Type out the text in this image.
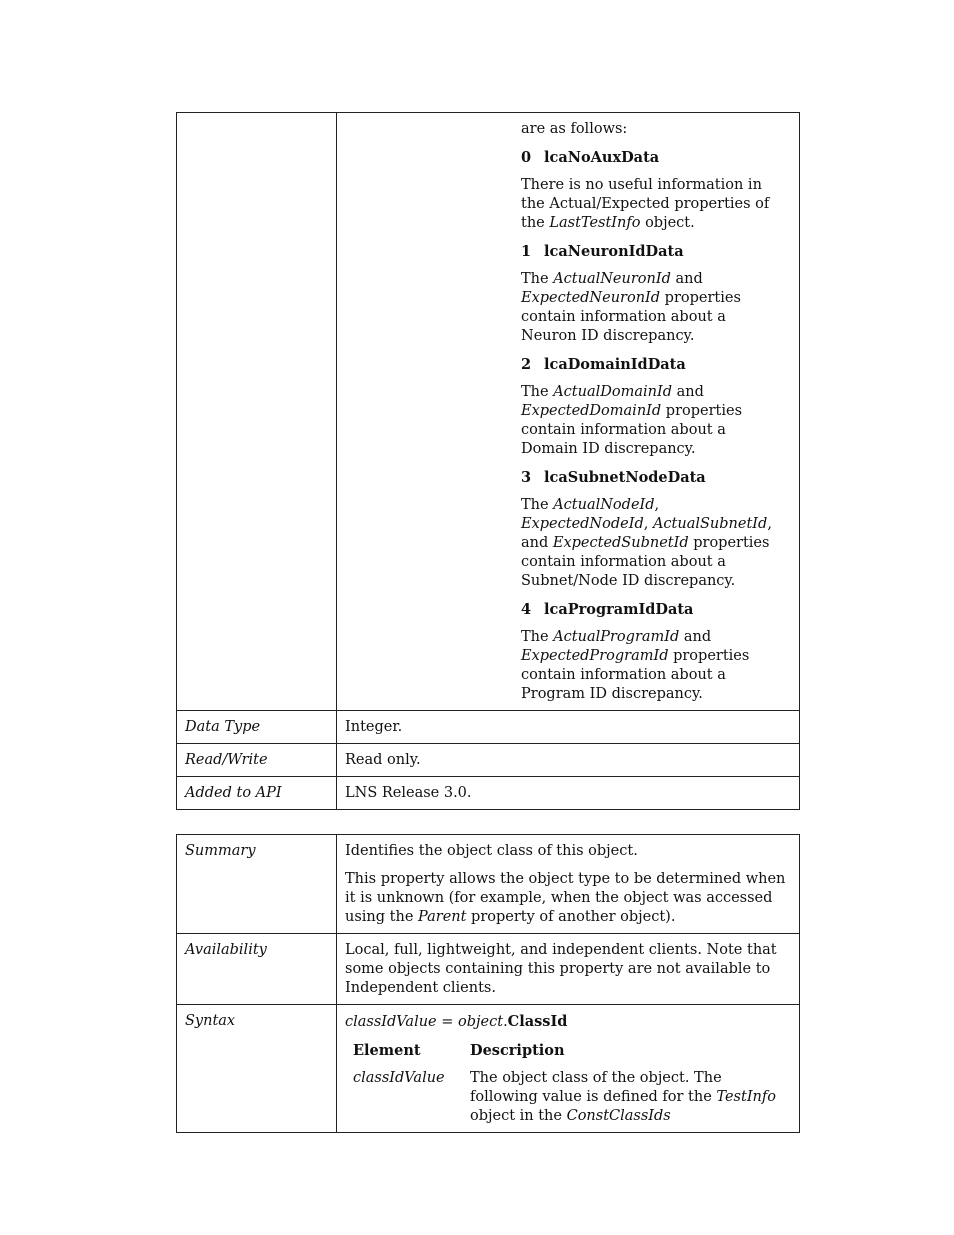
are as follows:

0 lcaNoAuxData

There is no useful information in the Actual/Expected properties of the LastTestInfo object.

1 lcaNeuronIdData

The ActualNeuronId and ExpectedNeuronId properties contain information about a Neuron ID discrepancy.

2 lcaDomainIdData

The ActualDomainId and ExpectedDomainId properties contain information about a Domain ID discrepancy.

3 lcaSubnetNodeData

The ActualNodeId, ExpectedNodeId, ActualSubnetId, and ExpectedSubnetId properties contain information about a Subnet/Node ID discrepancy.

4 lcaProgramIdData

The ActualProgramId and ExpectedProgramId properties contain information about a Program ID discrepancy.

Data Type	Integer.
Read/Write	Read only.
Added to API	LNS Release 3.0.
Summary	Identifies the object class of this object.

This property allows the object type to be determined when it is unknown (for example, when the object was accessed using the Parent property of another object).

Availability	Local, full, lightweight, and independent clients. Note that some objects containing this property are not available to Independent clients.
Syntax	classIdValue = object.ClassId
Element	Description
classIdValue	The object class of the object. The following value is defined for the TestInfo object in the ConstClassIds
